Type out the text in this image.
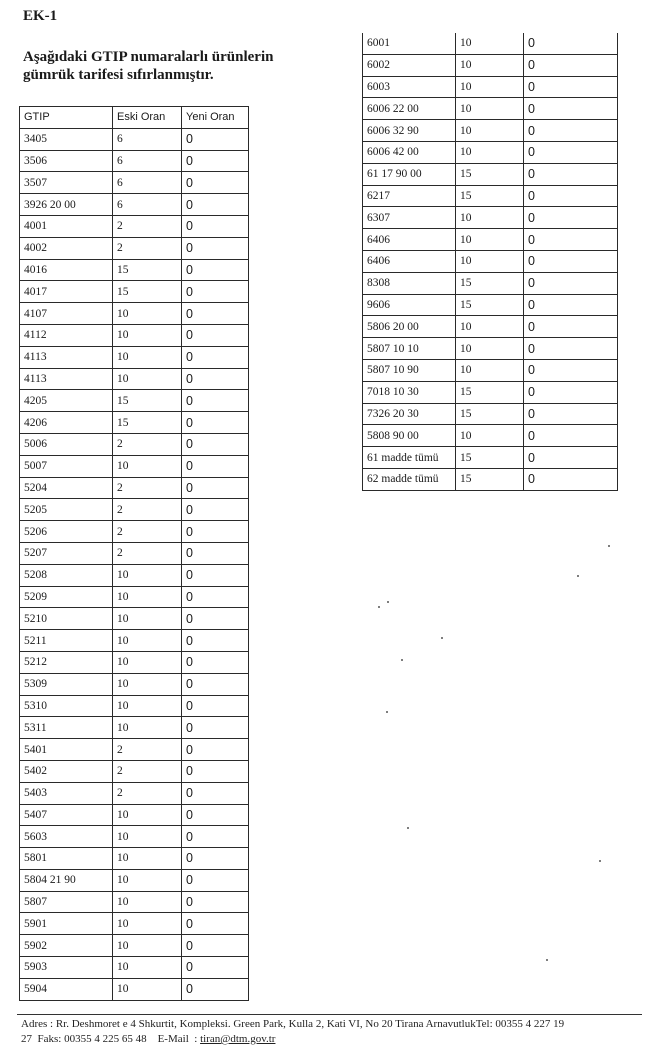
EK-1
Aşağıdaki GTIP numaralarlı ürünlerin
gümrük tarifesi sıfırlanmıştır.
GTIP	Eski Oran	Yeni Oran
3405	6	0
3506	6	0
3507	6	0
3926 20 00	6	0
4001	2	0
4002	2	0
4016	15	0
4017	15	0
4107	10	0
4112	10	0
4113	10	0
4113	10	0
4205	15	0
4206	15	0
5006	2	0
5007	10	0
5204	2	0
5205	2	0
5206	2	0
5207	2	0
5208	10	0
5209	10	0
5210	10	0
5211	10	0
5212	10	0
5309	10	0
5310	10	0
5311	10	0
5401	2	0
5402	2	0
5403	2	0
5407	10	0
5603	10	0
5801	10	0
5804 21 90	10	0
5807	10	0
5901	10	0
5902	10	0
5903	10	0
5904	10	0
6001	10	0
6002	10	0
6003	10	0
6006 22 00	10	0
6006 32 90	10	0
6006 42 00	10	0
61 17 90 00	15	0
6217	15	0
6307	10	0
6406	10	0
6406	10	0
8308	15	0
9606	15	0
5806 20 00	10	0
5807 10 10	10	0
5807 10 90	10	0
7018 10 30	15	0
7326 20 30	15	0
5808 90 00	10	0
61 madde tümü	15	0
62 madde tümü	15	0
Adres : Rr. Deshmoret e 4 Shkurtit, Kompleksi. Green Park, Kulla 2, Kati VI, No 20 Tirana ArnavutlukTel: 00355 4 227 19
27  Faks: 00355 4 225 65 48    E-Mail  : tiran@dtm.gov.tr
